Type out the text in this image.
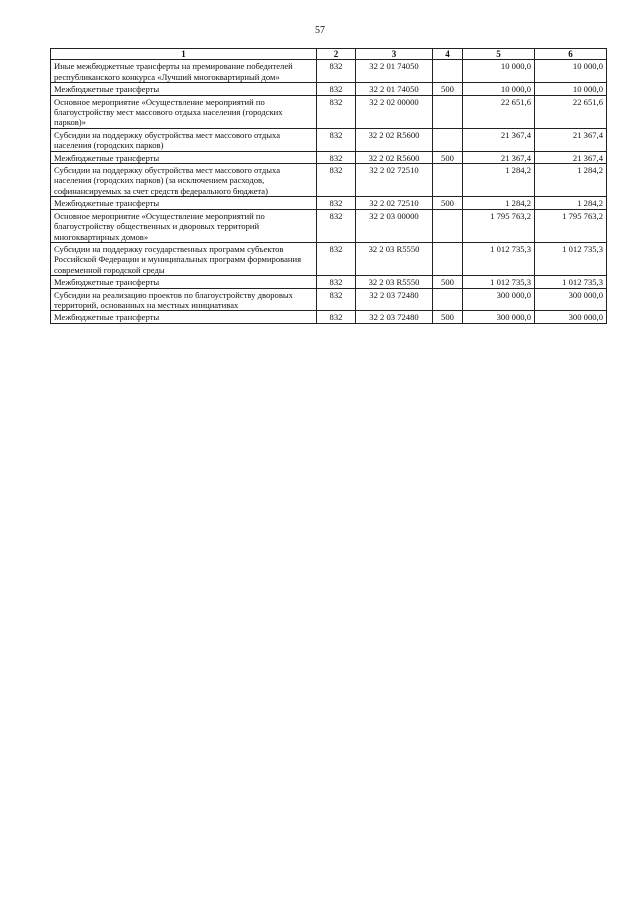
57
1	2	3	4	5	6
Иные межбюджетные трансферты на премирование победителей республиканского конкурса «Лучший многоквартирный дом»	832	32 2 01 74050		10 000,0	10 000,0
Межбюджетные трансферты	832	32 2 01 74050	500	10 000,0	10 000,0
Основное мероприятие «Осуществление мероприятий по благоустройству мест массового отдыха населения (городских парков)»	832	32 2 02 00000		22 651,6	22 651,6
Субсидии на поддержку обустройства мест массового отдыха населения (городских парков)	832	32 2 02 R5600		21 367,4	21 367,4
Межбюджетные трансферты	832	32 2 02 R5600	500	21 367,4	21 367,4
Субсидии на поддержку обустройства мест массового отдыха населения (городских парков) (за исключением расходов, софинансируемых за счет средств федерального бюджета)	832	32 2 02 72510		1 284,2	1 284,2
Межбюджетные трансферты	832	32 2 02 72510	500	1 284,2	1 284,2
Основное мероприятие «Осуществление мероприятий по благоустройству общественных и дворовых территорий многоквартирных домов»	832	32 2 03 00000		1 795 763,2	1 795 763,2
Субсидии на поддержку государственных программ субъектов Российской Федерации и муниципальных программ формирования современной городской среды	832	32 2 03 R5550		1 012 735,3	1 012 735,3
Межбюджетные трансферты	832	32 2 03 R5550	500	1 012 735,3	1 012 735,3
Субсидии на реализацию проектов по благоустройству дворовых территорий, основанных на местных инициативах	832	32 2 03 72480		300 000,0	300 000,0
Межбюджетные трансферты	832	32 2 03 72480	500	300 000,0	300 000,0
